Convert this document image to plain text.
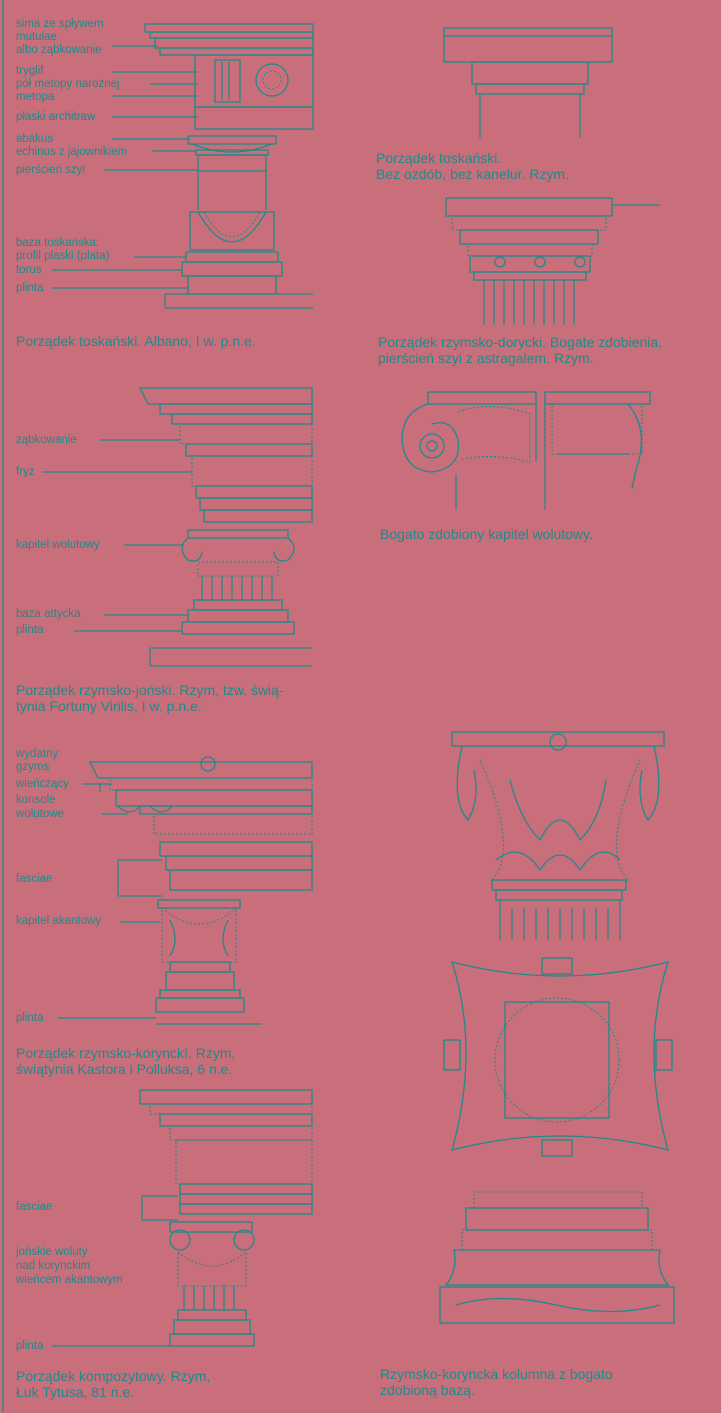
sima ze spływem
mutulae
albo ząbkowanie
tryglif
pół metopy narożnej
metopa
płaski architraw
abakus
echinus z jajownikiem
pierścień szyi
baza toskańska:
profil płaski (plata)
torus
plinta
Porządek toskański. Albano, I w. p.n.e.
Porządek toskański.
Bez ozdób, bez kanelur. Rzym.
Porządek rzymsko-dorycki. Bogate zdobienia,
pierścień szyi z astragalem. Rzym.
Bogato zdobiony kapitel wolutowy.
ząbkowanie
fryz
kapitel wolutowy
baza attycka
plinta
Porządek rzymsko-joński. Rzym, tzw. świą-
tynia Fortuny Virilis, I w. p.n.e.
wydatny
gzyms
wieńczący
konsole
wolutowe
fasciae
kapitel akantowy
plinta
Porządek rzymsko-korynckí. Rzym,
świątynia Kastora i Polluksa, 6 n.e.
fasciae
jońskie woluty
nad korynckim
wieńcem akantowym
plinta
Porządek kompozytowy. Rzym,
Łuk Tytusa, 81 n.e.
Rzymsko-koryncka kolumna z bogato
zdobioną bazą.
